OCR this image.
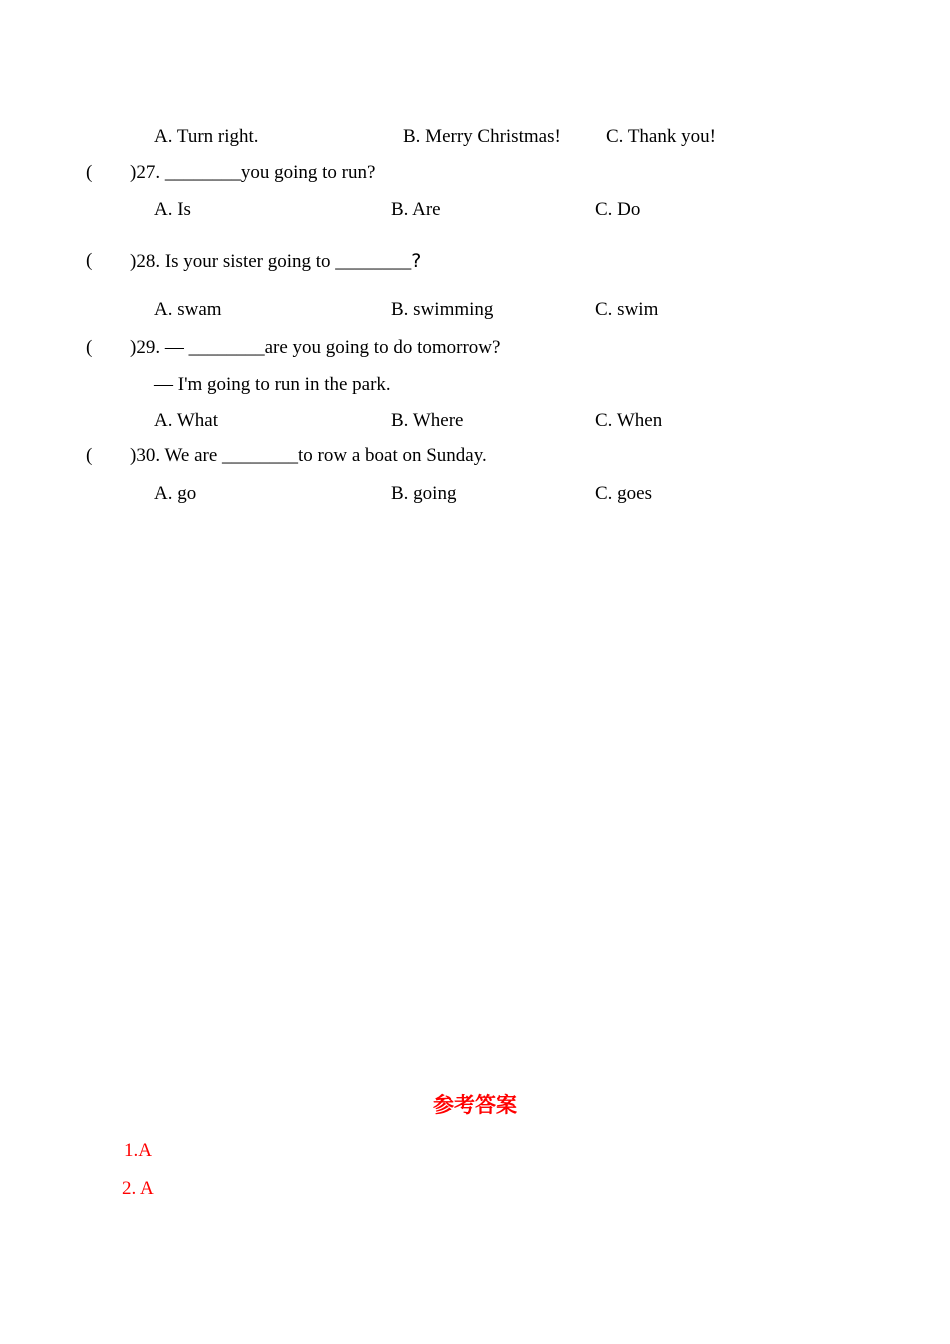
A. Turn right.	B. Merry Christmas! C. Thank you!
( )27. ________you going to run?
A. Is	B. Are	C. Do
( )28. Is your sister going to ________?
A. swam	B. swimming	C. swim
( )29. — ________are you going to do tomorrow?
— I'm going to run in the park.
A. What	B. Where	C. When
( )30. We are ________to row a boat on Sunday.
A. go	B. going	C. goes
参考答案
1.A
2. A
